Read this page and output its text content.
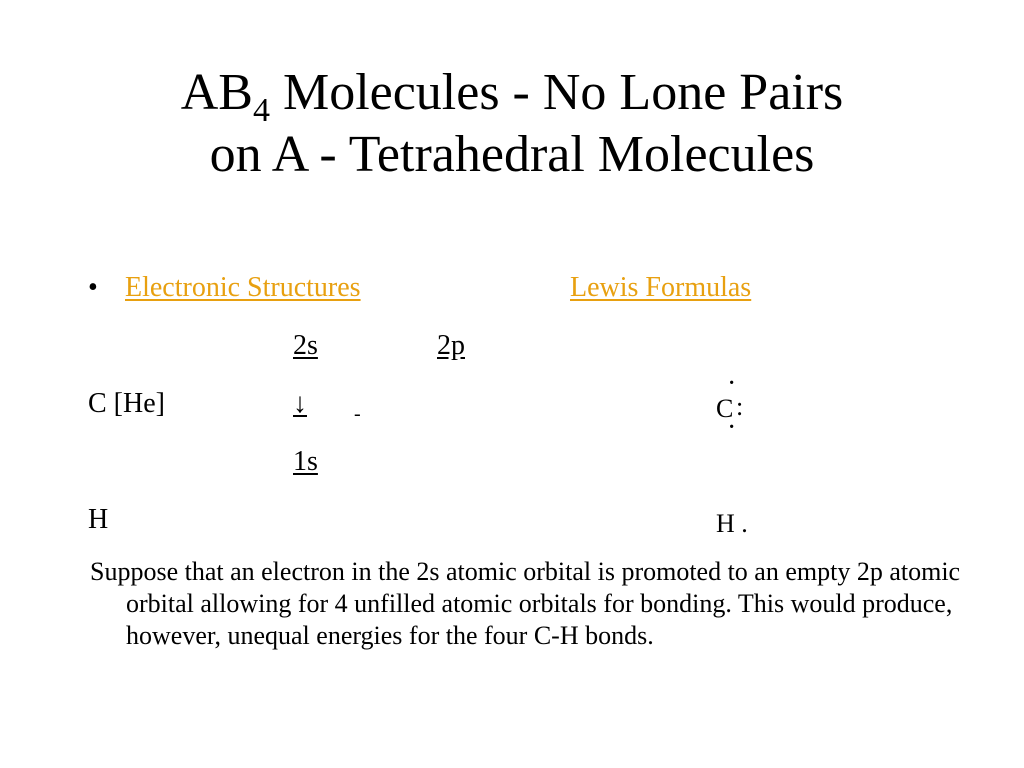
$AB_4$ Molecules - No Lone Pairs
on A - Tetrahedral Molecules
• Electronic Structures	Lewis Formulas
2s	2p
C [He]	↓ -
·
C :
·
1s
H	H .
Suppose that an electron in the 2s atomic orbital is promoted to an empty 2p atomic orbital allowing for 4 unfilled atomic orbitals for bonding. This would produce, however, unequal energies for the four C-H bonds.
